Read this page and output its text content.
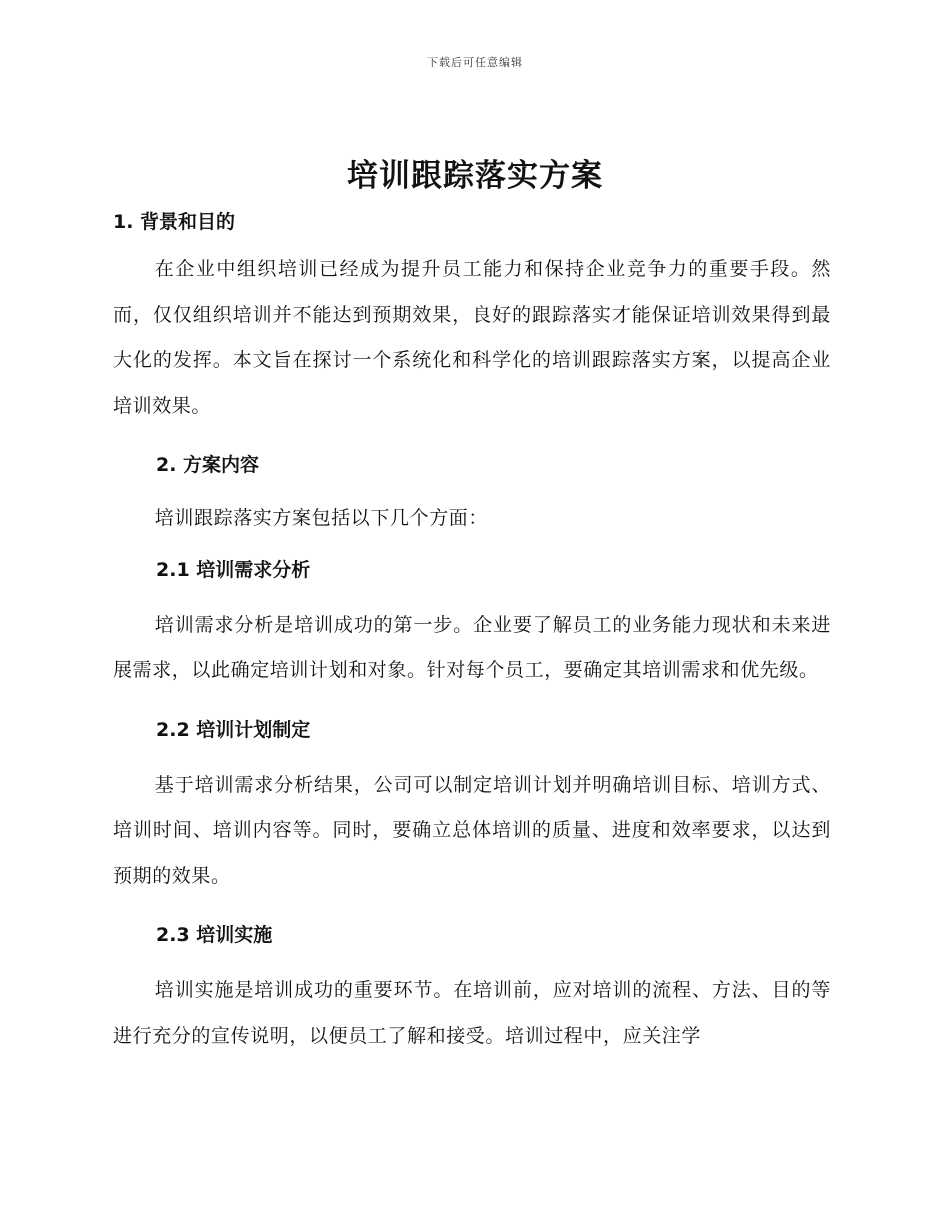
下载后可任意编辑
培训跟踪落实方案
1. 背景和目的

在企业中组织培训已经成为提升员工能力和保持企业竞争力的重要手段。然而，仅仅组织培训并不能达到预期效果，良好的跟踪落实才能保证培训效果得到最大化的发挥。本文旨在探讨一个系统化和科学化的培训跟踪落实方案，以提高企业培训效果。

2. 方案内容

培训跟踪落实方案包括以下几个方面：

2.1 培训需求分析

培训需求分析是培训成功的第一步。企业要了解员工的业务能力现状和未来进展需求，以此确定培训计划和对象。针对每个员工，要确定其培训需求和优先级。

2.2 培训计划制定

基于培训需求分析结果，公司可以制定培训计划并明确培训目标、培训方式、培训时间、培训内容等。同时，要确立总体培训的质量、进度和效率要求，以达到预期的效果。

2.3 培训实施

培训实施是培训成功的重要环节。在培训前，应对培训的流程、方法、目的等进行充分的宣传说明，以便员工了解和接受。培训过程中，应关注学
